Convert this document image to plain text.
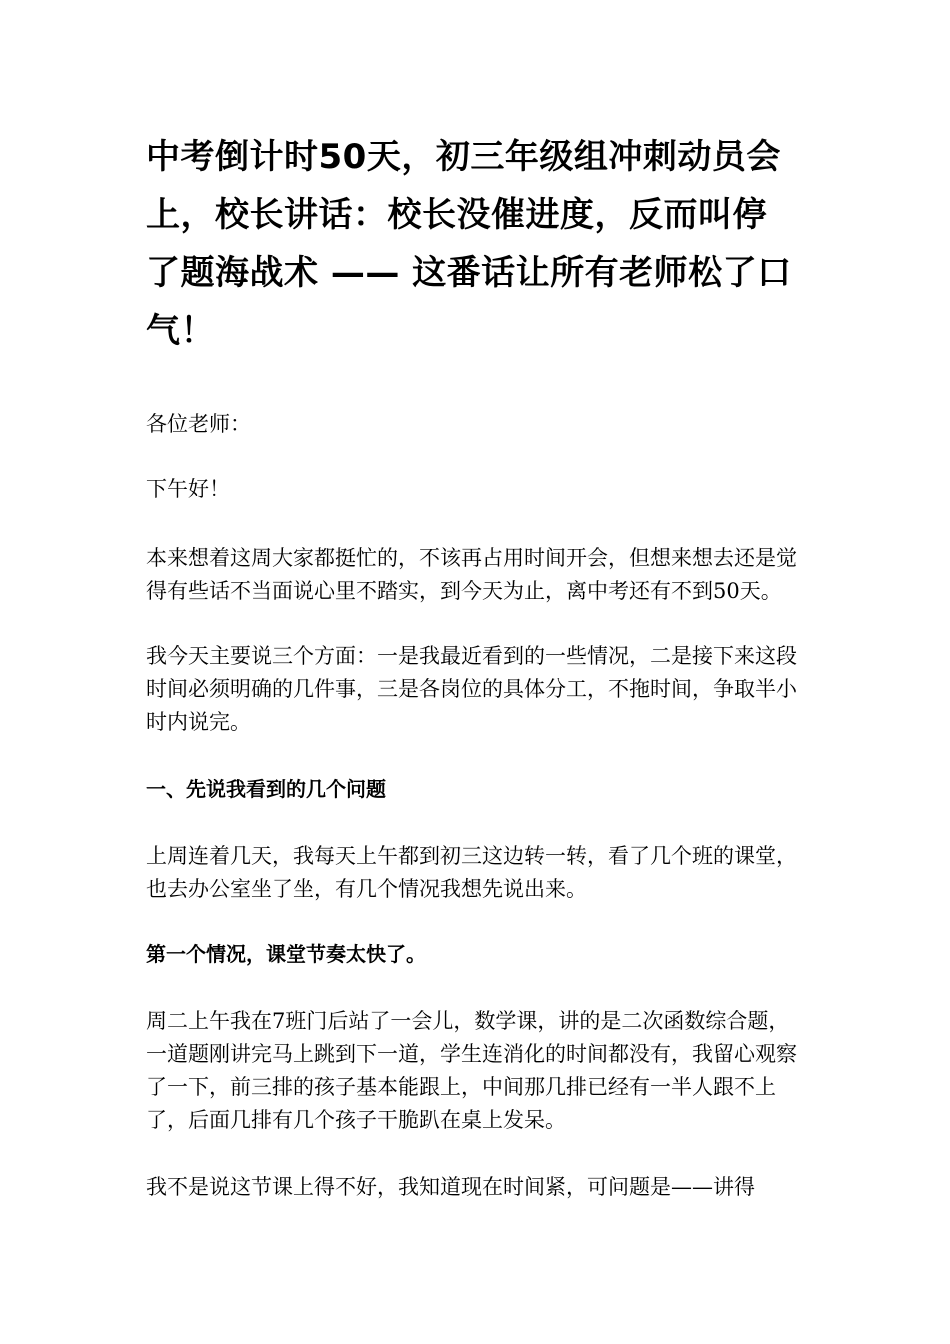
中考倒计时50天，初三年级组冲刺动员会上，校长讲话：校长没催进度，反而叫停了题海战术 —— 这番话让所有老师松了口气！

各位老师：

下午好！

本来想着这周大家都挺忙的，不该再占用时间开会，但想来想去还是觉得有些话不当面说心里不踏实，到今天为止，离中考还有不到50天。

我今天主要说三个方面：一是我最近看到的一些情况，二是接下来这段时间必须明确的几件事，三是各岗位的具体分工，不拖时间，争取半小时内说完。

一、先说我看到的几个问题

上周连着几天，我每天上午都到初三这边转一转，看了几个班的课堂，也去办公室坐了坐，有几个情况我想先说出来。

第一个情况，课堂节奏太快了。

周二上午我在7班门后站了一会儿，数学课，讲的是二次函数综合题，一道题刚讲完马上跳到下一道，学生连消化的时间都没有，我留心观察了一下，前三排的孩子基本能跟上，中间那几排已经有一半人跟不上了，后面几排有几个孩子干脆趴在桌上发呆。

我不是说这节课上得不好，我知道现在时间紧，可问题是——讲得
